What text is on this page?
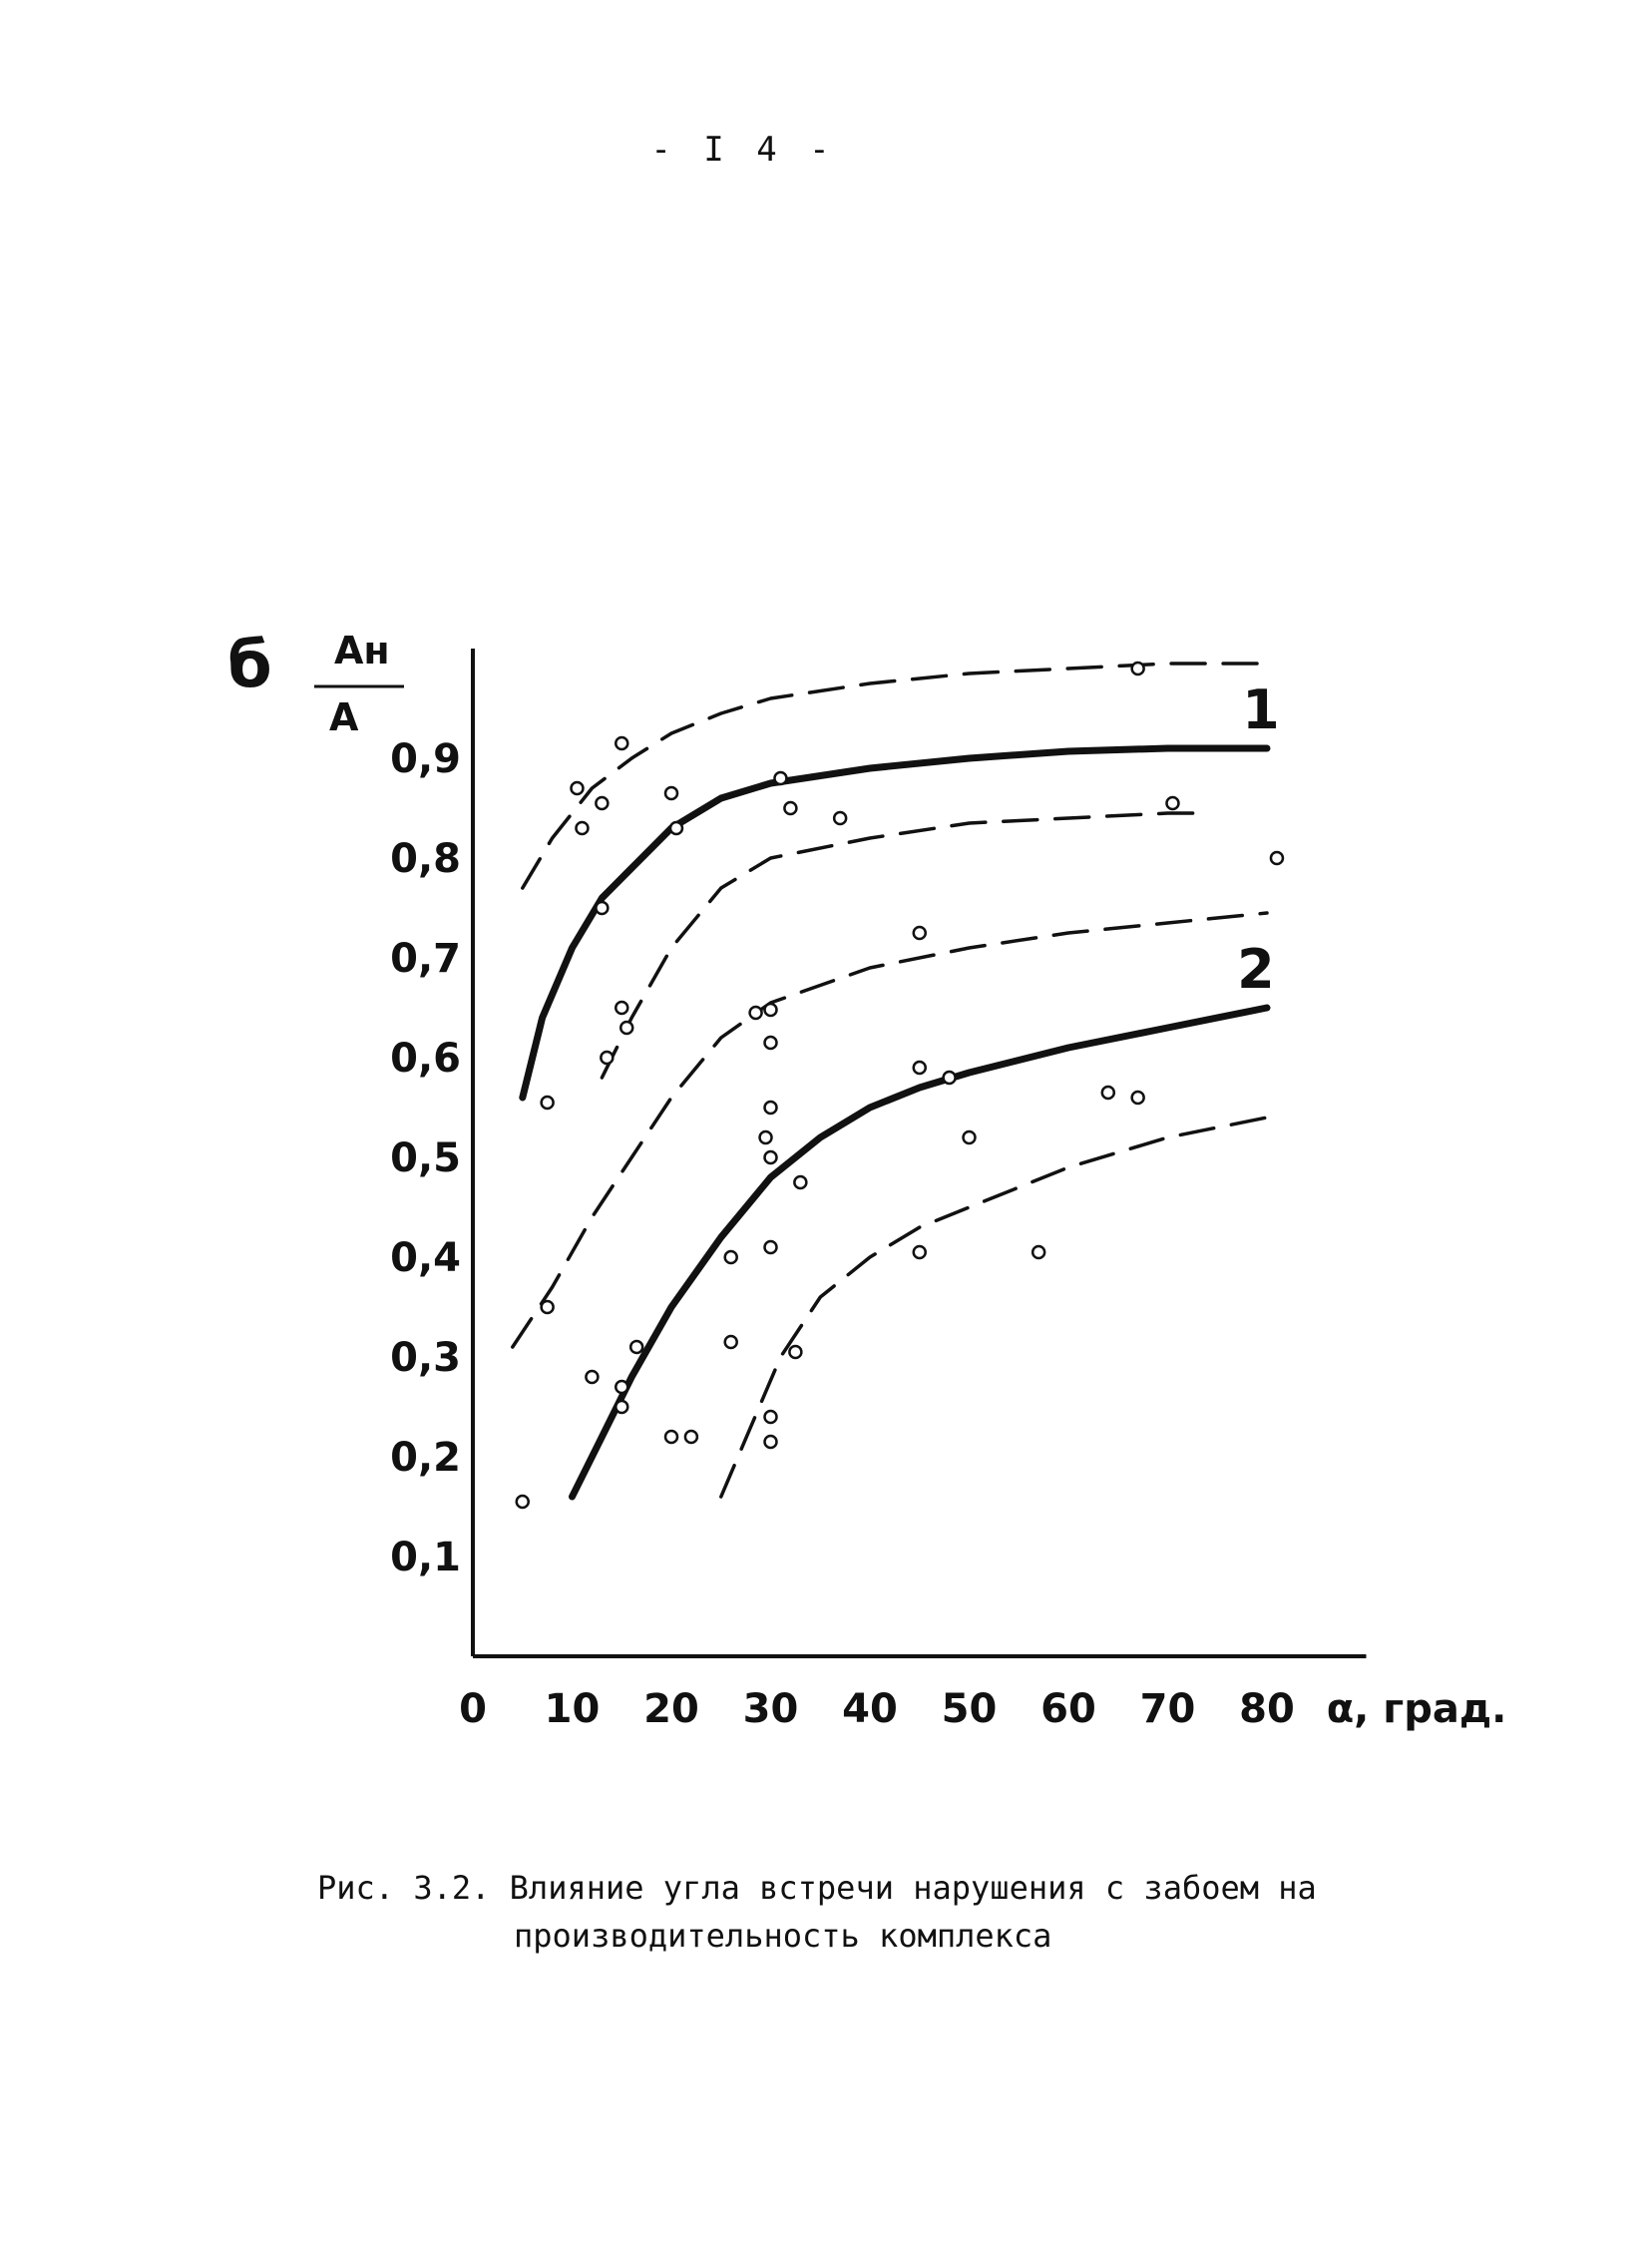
- I 4 -
б Ан
А
0,1
0,2
0,3
0,4
0,5
0,6
0,7
0,8
0,9
0 10 20 30 40 50 60 70 80 α, град.
1
2
Рис. 3.2. Влияние угла встречи нарушения с забоем на
производительность комплекса
